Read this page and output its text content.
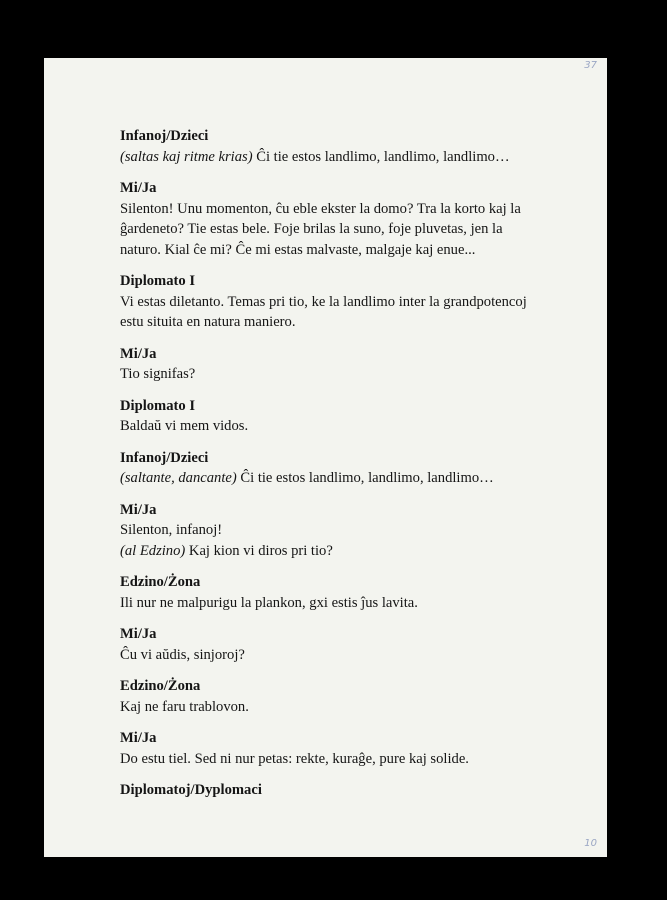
37
Infanoj/Dzieci
(saltas kaj ritme krias) Ĉi tie estos landlimo, landlimo, landlimo…
Mi/Ja
Silenton! Unu momenton, ĉu eble ekster la domo? Tra la korto kaj la
ĝardeneto? Tie estas bele. Foje brilas la suno, foje pluvetas, jen la
naturo. Kial ĉe mi? Ĉe mi estas malvaste, malgaje kaj enue...
Diplomato I
Vi estas diletanto. Temas pri tio, ke la landlimo inter la grandpotencoj
estu situita en natura maniero.
Mi/Ja
Tio signifas?
Diplomato I
Baldaŭ vi mem vidos.
Infanoj/Dzieci
(saltante, dancante) Ĉi tie estos landlimo, landlimo, landlimo…
Mi/Ja
Silenton, infanoj!
(al Edzino) Kaj kion vi diros pri tio?
Edzino/Żona
Ili nur ne malpurigu la plankon, gxi estis ĵus lavita.
Mi/Ja
Ĉu vi aŭdis, sinjoroj?
Edzino/Żona
Kaj ne faru trablovon.
Mi/Ja
Do estu tiel. Sed ni nur petas: rekte, kuraĝe, pure kaj solide.
Diplomatoj/Dyplomaci
10
